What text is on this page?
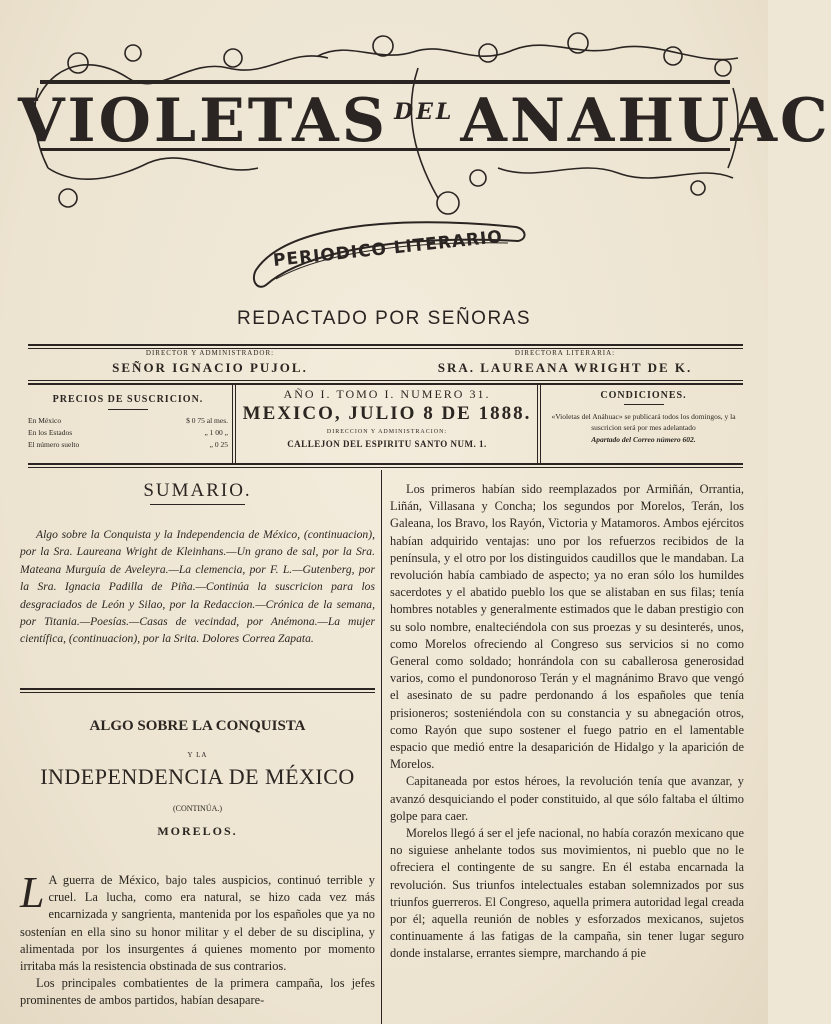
VIOLETAS $^{DEL}$ ANAHUAC
PERIODICO LITERARIO
REDACTADO POR SEÑORAS
DIRECTOR Y ADMINISTRADOR:
SEÑOR IGNACIO PUJOL.
DIRECTORA LITERARIA:
SRA. LAUREANA WRIGHT DE K.
PRECIOS DE SUSCRICION.
En México	$ 0 75 al mes.
En los Estados	„ 1 00 „
El número suelto	„ 0 25
AÑO I. TOMO I. NUMERO 31.
MEXICO, JULIO 8 DE 1888.
DIRECCION Y ADMINISTRACION:
CALLEJON DEL ESPIRITU SANTO NUM. 1.
CONDICIONES.
«Violetas del Anáhuac» se publicará todos los domingos, y la suscricion será por mes adelantado
Apartado del Correo número 602.
SUMARIO.

Algo sobre la Conquista y la Independencia de México, (continuacion), por la Sra. Laureana Wright de Kleinhans.—Un grano de sal, por la Sra. Mateana Murguía de Aveleyra.—La clemencia, por F. L.—Gutenberg, por la Sra. Ignacia Padilla de Piña.—Continúa la suscricion para los desgraciados de León y Silao, por la Redaccion.—Crónica de la semana, por Titania.—Poesías.—Casas de vecindad, por Anémona.—La mujer científica, (continuacion), por la Srita. Dolores Correa Zapata.

ALGO SOBRE LA CONQUISTA
Y LA
INDEPENDENCIA DE MÉXICO
(CONTINÚA.)
MORELOS.
L A guerra de México, bajo tales auspicios, continuó terrible y cruel. La lucha, como era natural, se hizo cada vez más encarnizada y sangrienta, mantenida por los españoles que ya no sostenían en ella sino su honor militar y el deber de su disciplina, y alimentada por los insurgentes á quienes momento por momento irritaba más la resistencia obstinada de sus contrarios.

Los principales combatientes de la primera campaña, los jefes prominentes de ambos partidos, habían desapare-

Los primeros habían sido reemplazados por Armiñán, Orrantia, Liñán, Villasana y Concha; los segundos por Morelos, Terán, los Galeana, los Bravo, los Rayón, Victoria y Matamoros. Ambos ejércitos habían adquirido ventajas: uno por los refuerzos recibidos de la península, y el otro por los distinguidos caudillos que le mandaban. La revolución había cambiado de aspecto; ya no eran sólo los humildes sacerdotes y el abatido pueblo los que se alistaban en sus filas; tenía hombres notables y generalmente estimados que le daban prestigio con su solo nombre, enalteciéndola con sus proezas y su desinterés, unos, como Morelos ofreciendo al Congreso sus servicios si no como General como soldado; honrándola con su caballerosa generosidad varios, como el pundonoroso Terán y el magnánimo Bravo que vengó el asesinato de su padre perdonando á los españoles que tenía prisioneros; sosteniéndola con su constancia y su abnegación otros, como Rayón que supo sostener el fuego patrio en el lamentable espacio que medió entre la desaparición de Hidalgo y la aparición de Morelos.

Capitaneada por estos héroes, la revolución tenía que avanzar, y avanzó desquiciando el poder constituido, al que sólo faltaba el último golpe para caer.

Morelos llegó á ser el jefe nacional, no había corazón mexicano que no siguiese anhelante todos sus movimientos, ni pueblo que no le ofreciera el contingente de su sangre. En él estaba encarnada la revolución. Sus triunfos intelectuales estaban solemnizados por sus triunfos guerreros. El Congreso, aquella primera autoridad legal creada por él; aquella reunión de nobles y esforzados mexicanos, sujetos continuamente á las fatigas de la campaña, sin tener lugar seguro donde instalarse, errantes siempre, marchando á pie
